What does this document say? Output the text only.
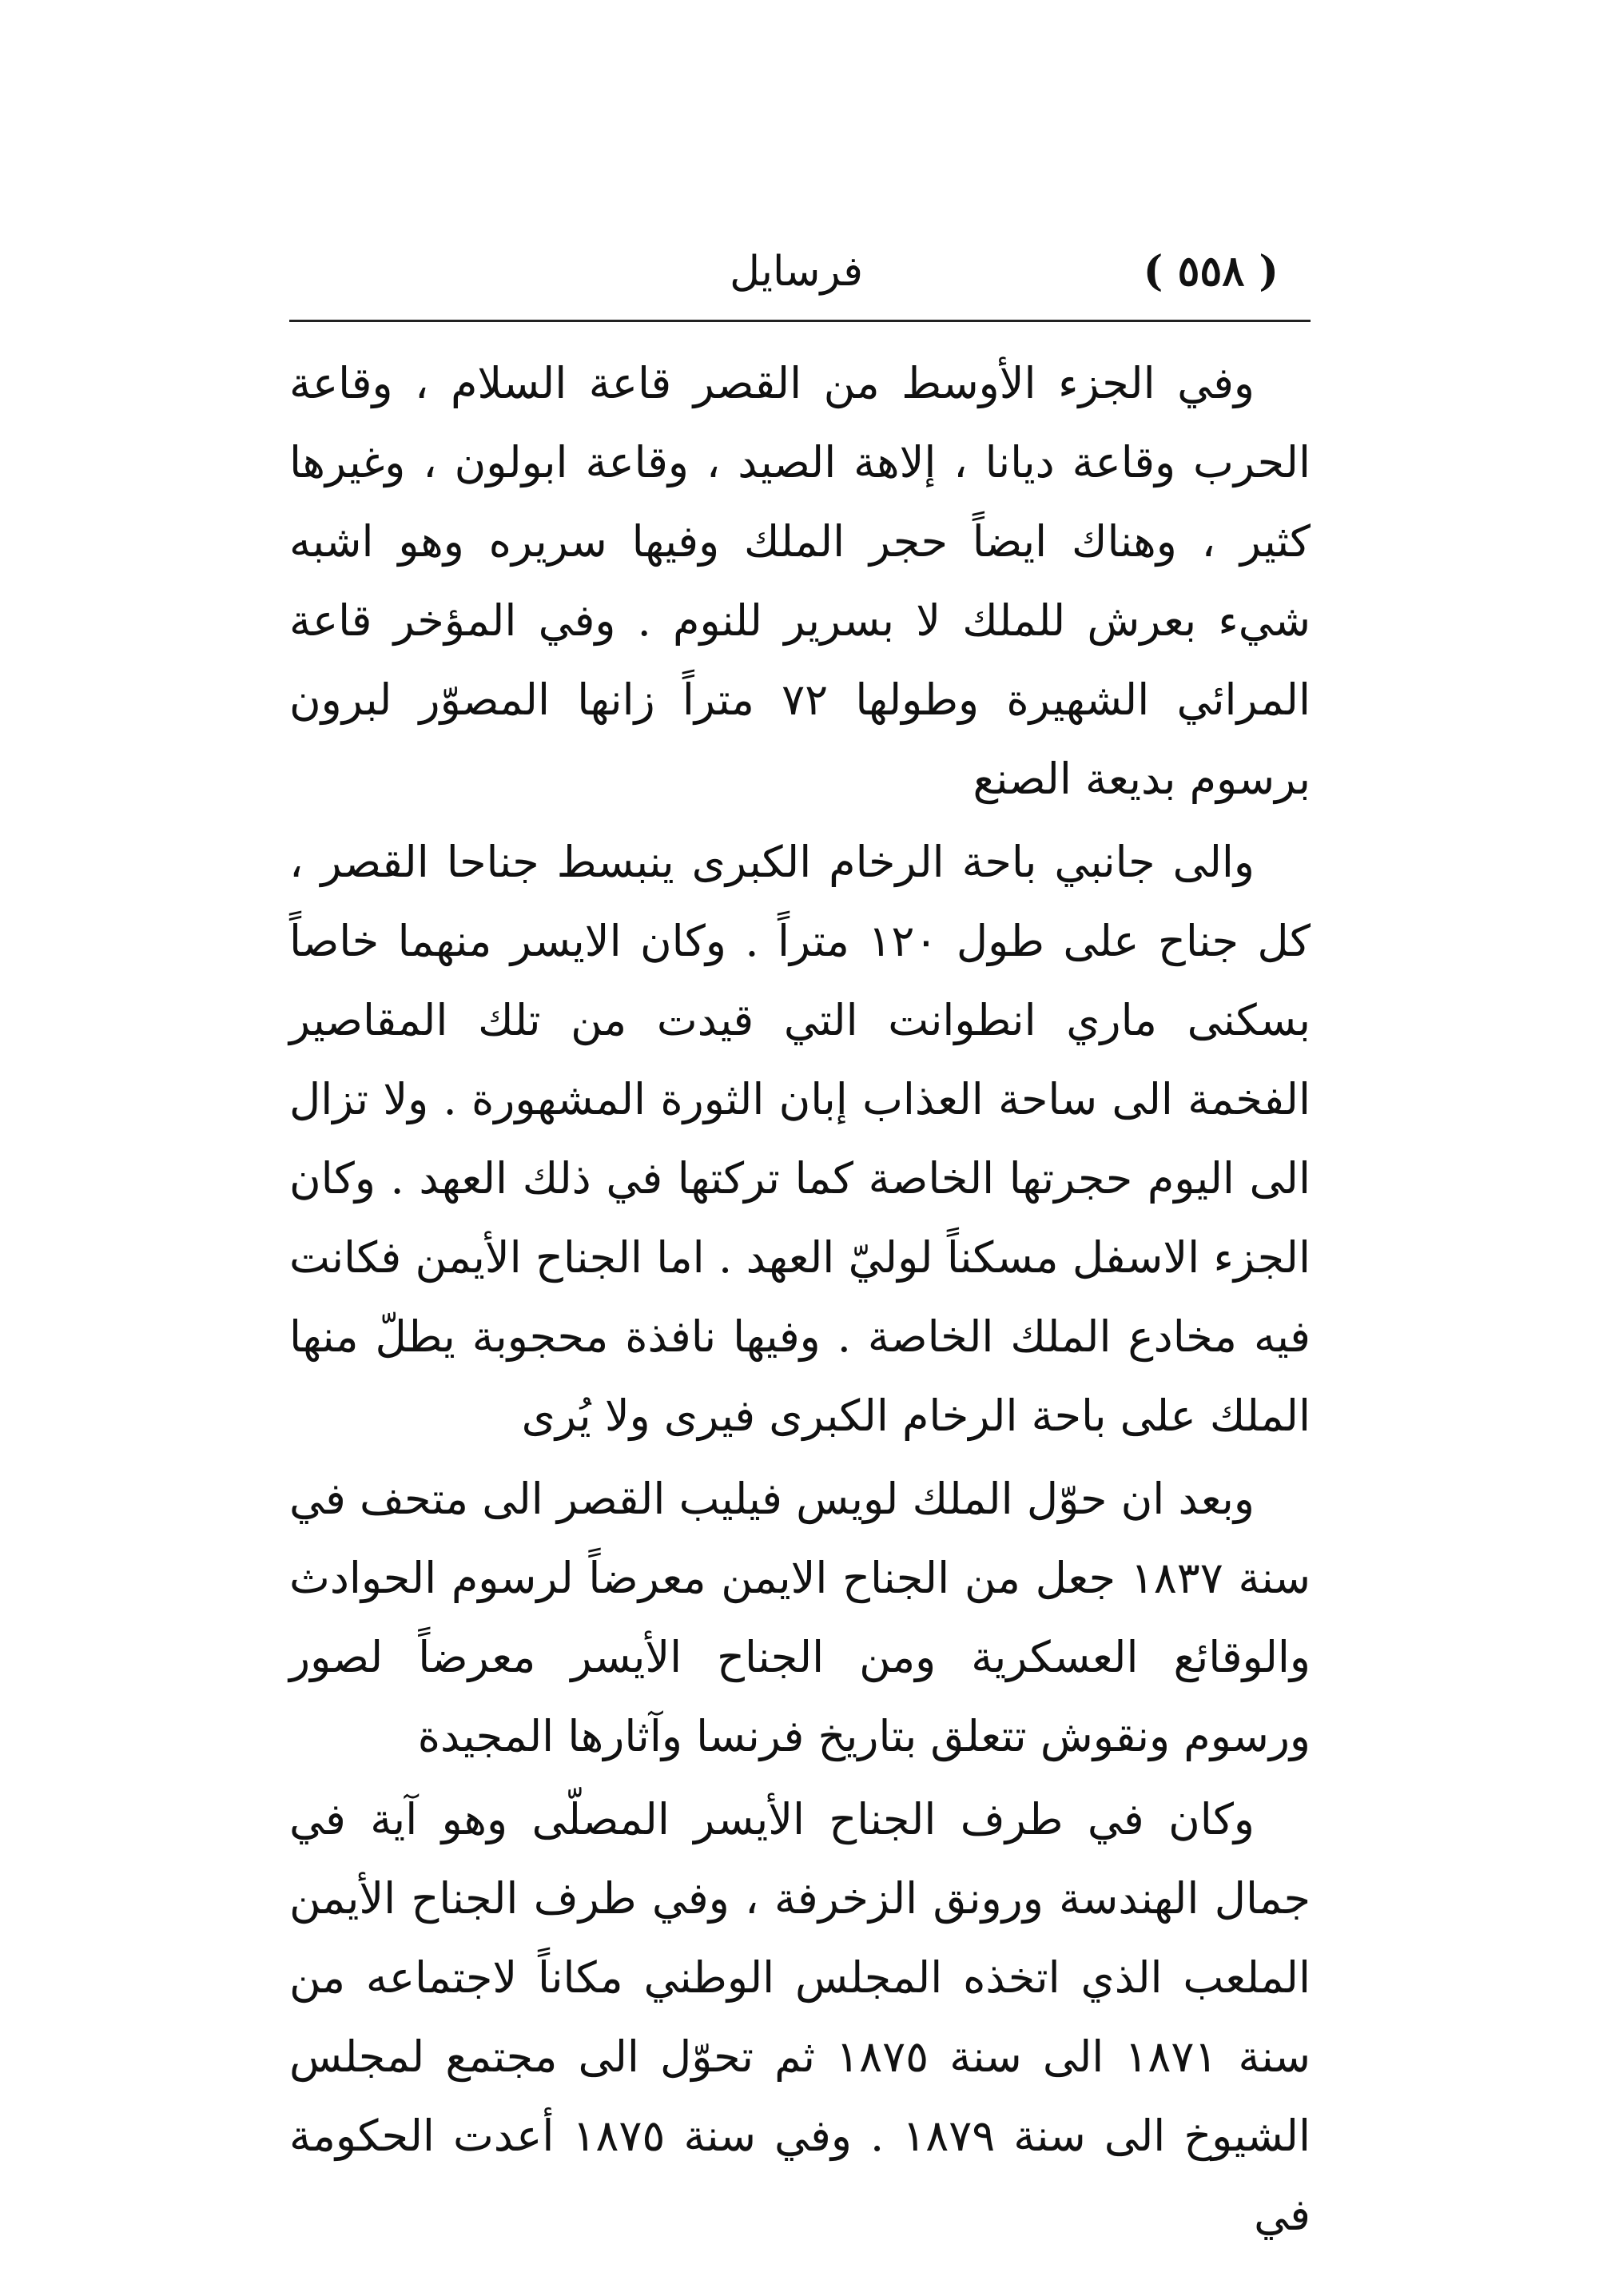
( ٥٥٨ )
فرسايل

وفي الجزء الأوسط من القصر قاعة السلام ، وقاعة الحرب وقاعة ديانا ، إلاهة الصيد ، وقاعة ابولون ، وغيرها كثير ، وهناك ايضاً حجر الملك وفيها سريره وهو اشبه شيء بعرش للملك لا بسرير للنوم . وفي المؤخر قاعة المرائي الشهيرة وطولها ٧٢ متراً زانها المصوّر لبرون برسوم بديعة الصنع

والى جانبي باحة الرخام الكبرى ينبسط جناحا القصر ، كل جناح على طول ١٢٠ متراً . وكان الايسر منهما خاصاً بسكنى ماري انطوانت التي قيدت من تلك المقاصير الفخمة الى ساحة العذاب إبان الثورة المشهورة . ولا تزال الى اليوم حجرتها الخاصة كما تركتها في ذلك العهد . وكان الجزء الاسفل مسكناً لوليّ العهد . اما الجناح الأيمن فكانت فيه مخادع الملك الخاصة . وفيها نافذة محجوبة يطلّ منها الملك على باحة الرخام الكبرى فيرى ولا يُرى

وبعد ان حوّل الملك لويس فيليب القصر الى متحف في سنة ١٨٣٧ جعل من الجناح الايمن معرضاً لرسوم الحوادث والوقائع العسكرية ومن الجناح الأيسر معرضاً لصور ورسوم ونقوش تتعلق بتاريخ فرنسا وآثارها المجيدة

وكان في طرف الجناح الأيسر المصلّى وهو آية في جمال الهندسة ورونق الزخرفة ، وفي طرف الجناح الأيمن الملعب الذي اتخذه المجلس الوطني مكاناً لاجتماعه من سنة ١٨٧١ الى سنة ١٨٧٥ ثم تحوّل الى مجتمع لمجلس الشيوخ الى سنة ١٨٧٩ . وفي سنة ١٨٧٥ أعدت الحكومة في
